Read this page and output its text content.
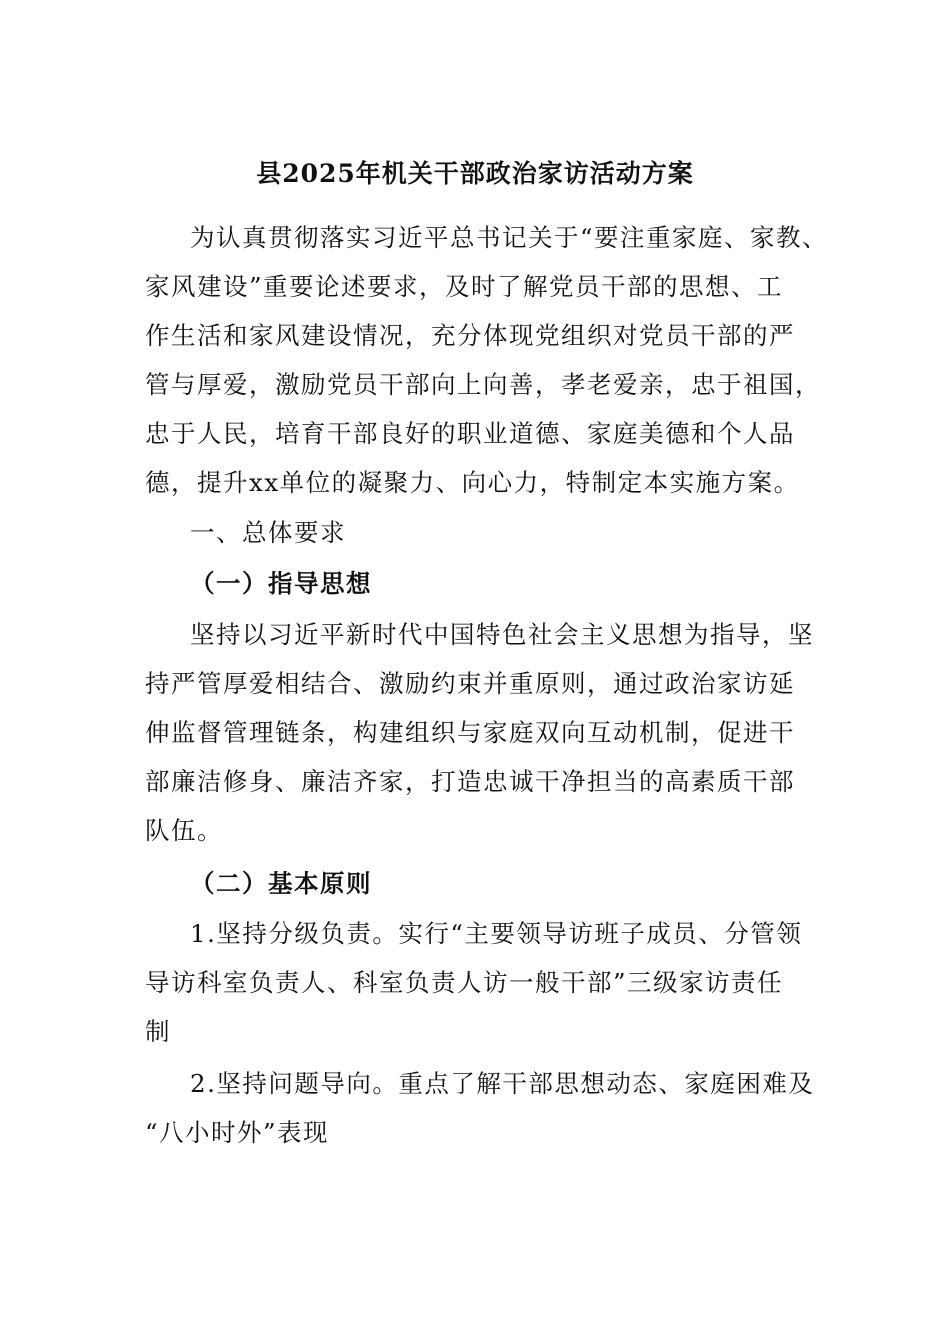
县2025年机关干部政治家访活动方案
为认真贯彻落实习近平总书记关于“要注重家庭、家教、
家风建设”重要论述要求，及时了解党员干部的思想、工
作生活和家风建设情况，充分体现党组织对党员干部的严
管与厚爱，激励党员干部向上向善，孝老爱亲，忠于祖国，
忠于人民，培育干部良好的职业道德、家庭美德和个人品
德，提升xx单位的凝聚力、向心力，特制定本实施方案。
一、总体要求
（一）指导思想
坚持以习近平新时代中国特色社会主义思想为指导，坚
持严管厚爱相结合、激励约束并重原则，通过政治家访延
伸监督管理链条，构建组织与家庭双向互动机制，促进干
部廉洁修身、廉洁齐家，打造忠诚干净担当的高素质干部
队伍。
（二）基本原则
1.坚持分级负责。实行“主要领导访班子成员、分管领
导访科室负责人、科室负责人访一般干部”三级家访责任
制
2.坚持问题导向。重点了解干部思想动态、家庭困难及
“八小时外”表现
